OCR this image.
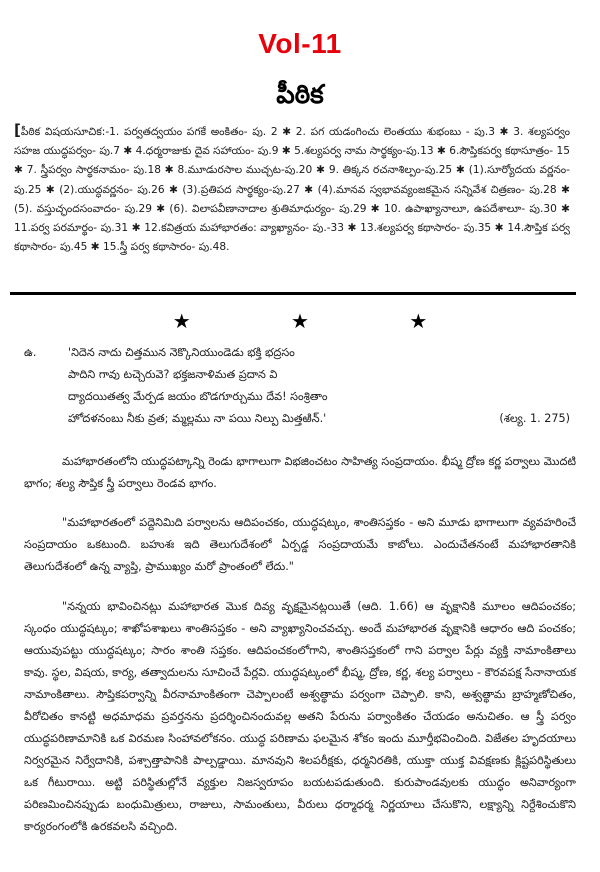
Vol-11
పీఠిక
[పీఠిక విషయసూచిక:-1. పర్వతద్వయం పగకే అంకితం- పు. 2 ✱ 2. పగ యడంగించు లెంతయు శుభంబు - పు.3 ✱ 3. శల్యపర్వం సహజ యుద్ధపర్వం- పు.7 ✱ 4.ధర్మరాజుకు దైవ సహాయం- పు.9 ✱ 5.శల్యపర్వ నామ సార్థక్యం-పు.13 ✱ 6.సౌప్తికపర్వ కథాసూత్రం- 15 ✱ 7. స్త్రీపర్వం సార్థకనామం- పు.18 ✱ 8.మూడురసాల ముచ్చట-పు.20 ✱ 9. తిక్కన రచనాశిల్పం-పు.25 ✱ (1).సూర్యోదయ వర్ణనం- పు.25 ✱ (2).యుద్ధవర్ణనం- పు.26 ✱ (3).ప్రతిపద సార్థక్యం-పు.27 ✱ (4).మానవ స్వభావవ్యంజకమైన సన్నివేశ చిత్రణం- పు.28 ✱ (5). వస్తుచ్ఛందసంవాదం- పు.29 ✱ (6). విలాపవీణానాదాల శ్రుతిమాధుర్యం- పు.29 ✱ 10. ఉపాఖ్యానాలూ, ఉపదేశాలూ- పు.30 ✱ 11.పర్వ పరమార్థం- పు.31 ✱ 12.కవిత్రయ మహాభారతం: వ్యాఖ్యానం- పు.-33 ✱ 13.శల్యపర్వ కథాసారం- పు.35 ✱ 14.సౌప్తిక పర్వ కథాసారం- పు.45 ✱ 15.స్త్రీ పర్వ కథాసారం- పు.48.
★	★	★
ఉ.	'నిదెన నాదు చిత్తమున నెక్కొనియుండెడు భక్తి భద్రసం
పాదిని గావు టచ్చెరువె? భక్తజనాళిమత ప్రదాన వి
ద్యాదయితత్వ మేర్పడ జయం బొడగూర్చుము దేవ! సంశ్రితాం
హోదళనంబు నీకు వ్రత; మ్మల్లము నా పయి నిల్పు మిత్తఱిన్.'	(శల్య. 1. 275)
మహాభారతంలోని యుద్ధపట్కాన్ని రెండు భాగాలుగా విభజించటం సాహిత్య సంప్రదాయం. భీష్మ ద్రోణ కర్ణ పర్వాలు మొదటి భాగం; శల్య సౌప్తిక స్త్రీ పర్వాలు రెండవ భాగం.
"మహాభారతంలో పద్దెనిమిది పర్వాలను ఆదిపంచకం, యుద్ధషట్కం, శాంతిసప్తకం - అని మూడు భాగాలుగా వ్యవహరించే సంప్రదాయం ఒకటుంది. బహుశః ఇది తెలుగుదేశంలో ఏర్పడ్డ సంప్రదాయమే కాబోలు. ఎందుచేతనంటే మహాభారతానికి తెలుగుదేశంలో ఉన్న వ్యాప్తి, ప్రాముఖ్యం మరో ప్రాంతంలో లేదు."
"నన్నయ భావించినట్లు మహాభారత మొక దివ్య వృక్షమైనట్లయితే (ఆది. 1.66) ఆ వృక్షానికి మూలం ఆదిపంచకం; స్కంధం యుద్ధషట్కం; శాఖోపశాఖలు శాంతిసప్తకం - అని వ్యాఖ్యానించవచ్చు. అందే మహాభారత వృక్షానికి ఆధారం ఆది పంచకం; ఆయువుపట్టు యుద్ధషట్కం; సారం శాంతి సప్తకం. ఆదిపంచకంలోగాని, శాంతిసప్తకంలో గాని పర్వాల పేర్లు వ్యక్తి నామాంకితాలు కావు. స్థల, విషయ, కార్య, తత్వాదులను సూచించే పేర్లవి. యుద్ధషట్కంలో భీష్మ, ద్రోణ, కర్ణ, శల్య పర్వాలు - కౌరవపక్ష సేనానాయక నామాంకితాలు. సౌప్తికపర్వాన్ని వీరనామాంకితంగా చెప్పాలంటే అశ్వత్థామ పర్వంగా చెప్పాలి. కాని, అశ్వత్థామ బ్రాహ్మణోచితం, వీరోచితం కానట్టి అధమాధమ ప్రవర్తనను ప్రదర్శించినందువల్ల అతని పేరును పర్వాంకితం చేయడం అనుచితం. ఆ స్త్రీ పర్వం యుద్ధపరిణామానికి ఒక విరమణ సింహావలోకనం. యుద్ధ పరిణామ ఫలమైన శోకం ఇందు మూర్తీభవించింది. విజేతల హృదయాలు నిర్వరమైన నిర్వేదానికి, పశ్చాత్తాపానికి పాల్పడ్డాయి. మానవుని శిలపరీక్షకు, ధర్మనిరతికి, యుక్తా యుక్త వివక్షణకు క్లిష్టపరిస్థితులు ఒక గీటురాయి. అట్టి పరిస్థితుల్లోనే వ్యక్తుల నిజస్వరూపం బయటపడుతుంది. కురుపాండవులకు యుద్ధం అనివార్యంగా పరిణమించినప్పుడు బంధుమిత్రులు, రాజులు, సామంతులు, వీరులు ధర్మాధర్మ నిర్ణయాలు చేసుకొని, లక్ష్యాన్ని నిర్దేశించుకొని కార్యరంగంలోకి ఉరకవలసి వచ్చింది.
